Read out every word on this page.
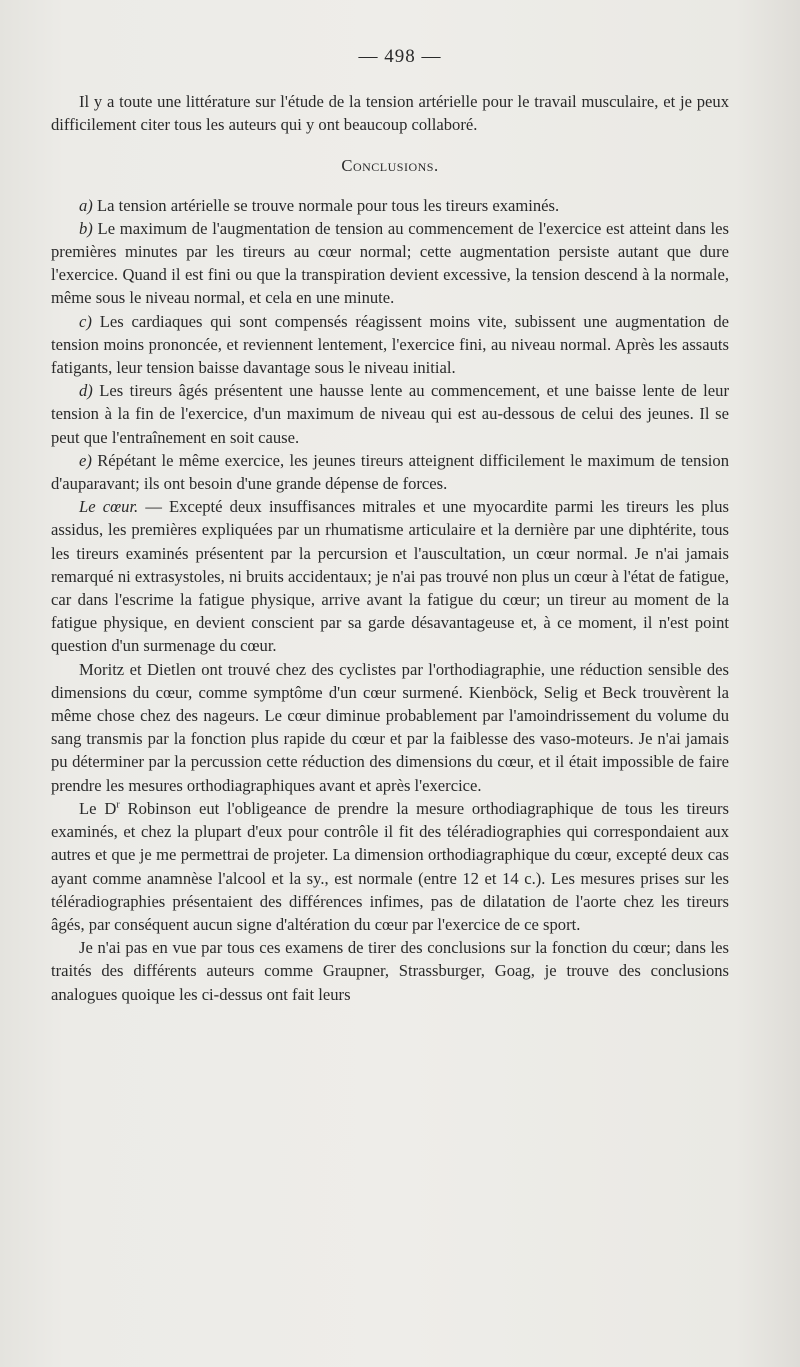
— 498 —

Il y a toute une littérature sur l'étude de la tension artérielle pour le travail musculaire, et je peux difficilement citer tous les auteurs qui y ont beaucoup collaboré.

Conclusions.

a) La tension artérielle se trouve normale pour tous les tireurs examinés.

b) Le maximum de l'augmentation de tension au commencement de l'exercice est atteint dans les premières minutes par les tireurs au cœur normal; cette augmentation persiste autant que dure l'exercice. Quand il est fini ou que la transpiration devient excessive, la tension descend à la normale, même sous le niveau normal, et cela en une minute.

c) Les cardiaques qui sont compensés réagissent moins vite, subissent une augmentation de tension moins prononcée, et reviennent lentement, l'exercice fini, au niveau normal. Après les assauts fatigants, leur tension baisse davantage sous le niveau initial.

d) Les tireurs âgés présentent une hausse lente au commencement, et une baisse lente de leur tension à la fin de l'exercice, d'un maximum de niveau qui est au-dessous de celui des jeunes. Il se peut que l'entraînement en soit cause.

e) Répétant le même exercice, les jeunes tireurs atteignent difficilement le maximum de tension d'auparavant; ils ont besoin d'une grande dépense de forces.

Le cœur. — Excepté deux insuffisances mitrales et une myocardite parmi les tireurs les plus assidus, les premières expliquées par un rhumatisme articulaire et la dernière par une diphtérite, tous les tireurs examinés présentent par la percursion et l'auscultation, un cœur normal. Je n'ai jamais remarqué ni extrasystoles, ni bruits accidentaux; je n'ai pas trouvé non plus un cœur à l'état de fatigue, car dans l'escrime la fatigue physique, arrive avant la fatigue du cœur; un tireur au moment de la fatigue physique, en devient conscient par sa garde désavantageuse et, à ce moment, il n'est point question d'un surmenage du cœur.

Moritz et Dietlen ont trouvé chez des cyclistes par l'orthodiagraphie, une réduction sensible des dimensions du cœur, comme symptôme d'un cœur surmené. Kienböck, Selig et Beck trouvèrent la même chose chez des nageurs. Le cœur diminue probablement par l'amoindrissement du volume du sang transmis par la fonction plus rapide du cœur et par la faiblesse des vaso-moteurs. Je n'ai jamais pu déterminer par la percussion cette réduction des dimensions du cœur, et il était impossible de faire prendre les mesures orthodiagraphiques avant et après l'exercice.

Le $D^r$ Robinson eut l'obligeance de prendre la mesure orthodiagraphique de tous les tireurs examinés, et chez la plupart d'eux pour contrôle il fit des téléradiographies qui correspondaient aux autres et que je me permettrai de projeter. La dimension orthodiagraphique du cœur, excepté deux cas ayant comme anamnèse l'alcool et la sy., est normale (entre 12 et 14 c.). Les mesures prises sur les téléradiographies présentaient des différences infimes, pas de dilatation de l'aorte chez les tireurs âgés, par conséquent aucun signe d'altération du cœur par l'exercice de ce sport.

Je n'ai pas en vue par tous ces examens de tirer des conclusions sur la fonction du cœur; dans les traités des différents auteurs comme Graupner, Strassburger, Goag, je trouve des conclusions analogues quoique les ci-dessus ont fait leurs
